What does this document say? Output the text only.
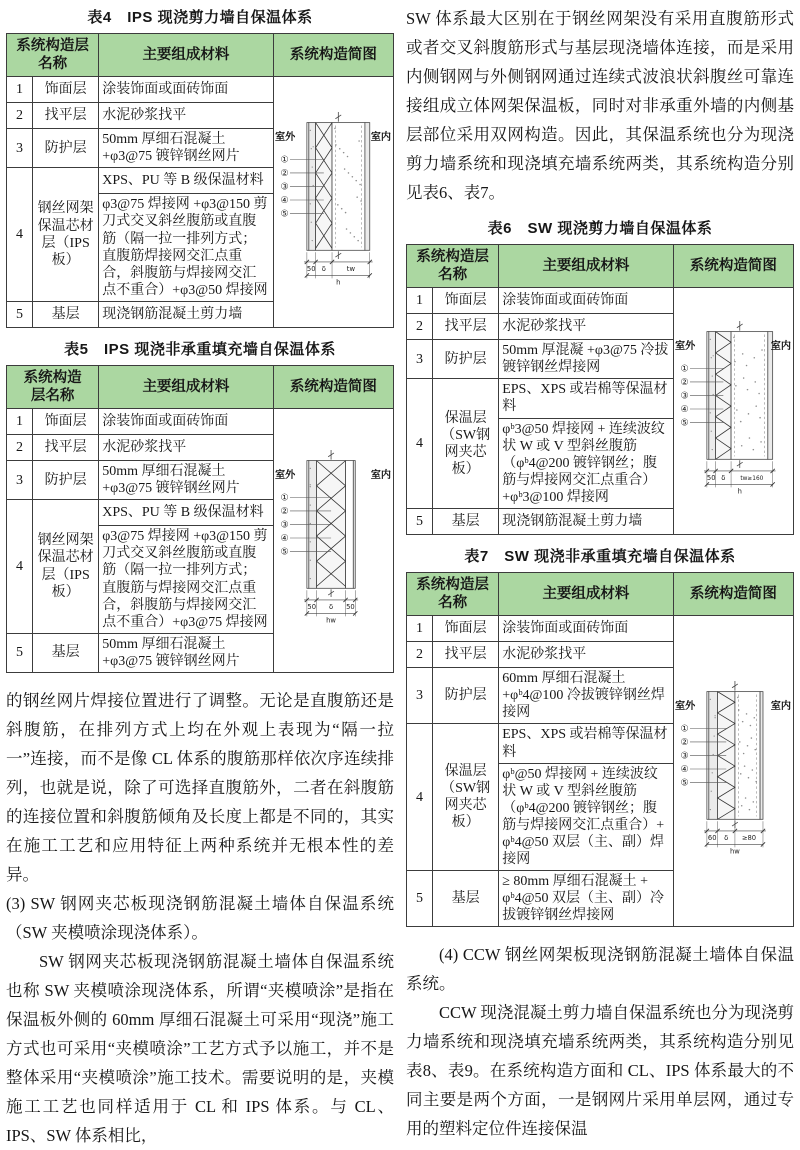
表4　IPS 现浇剪力墙自保温体系
系统构造层
名称		主要组成材料	系统构造简图
1	饰面层	涂装饰面或面砖饰面	
室外	室内
①
②
③
④
⑤
50 δ	tw
h

2	找平层	水泥砂浆找平	
3	防护层	50mm 厚细石混凝土 +φ3@75 镀锌钢丝网片	
4	钢丝网架保温芯材层（IPS板）	XPS、PU 等 B 级保温材料	
		φ3@75 焊接网 +φ3@150 剪刀式交叉斜丝腹筋或直腹筋（隔一拉一排列方式；直腹筋焊接网交汇点重合，斜腹筋与焊接网交汇点不重合）+φ3@50 焊接网	
5	基层	现浇钢筋混凝土剪力墙	
表5　IPS 现浇非承重填充墙自保温体系
系统构造
层名称		主要组成材料	系统构造简图
1	饰面层	涂装饰面或面砖饰面	
室外	室内
①
②
③
④
⑤
50 δ 50
hw

2	找平层	水泥砂浆找平	
3	防护层	50mm 厚细石混凝土 +φ3@75 镀锌钢丝网片	
4	钢丝网架保温芯材层（IPS板）	XPS、PU 等 B 级保温材料	
		φ3@75 焊接网 +φ3@150 剪刀式交叉斜丝腹筋或直腹筋（隔一拉一排列方式；直腹筋与焊接网交汇点重合，斜腹筋与焊接网交汇点不重合）+φ3@75 焊接网	
5	基层	50mm 厚细石混凝土 +φ3@75 镀锌钢丝网片	

的钢丝网片焊接位置进行了调整。无论是直腹筋还是斜腹筋，在排列方式上均在外观上表现为“隔一拉一”连接，而不是像 CL 体系的腹筋那样依次序连续排列，也就是说，除了可选择直腹筋外，二者在斜腹筋的连接位置和斜腹筋倾角及长度上都是不同的，其实在施工工艺和应用特征上两种系统并无根本性的差异。

(3) SW 钢网夹芯板现浇钢筋混凝土墙体自保温系统（SW 夹模喷涂现浇体系）。

SW 钢网夹芯板现浇钢筋混凝土墙体自保温系统也称 SW 夹模喷涂现浇体系，所谓“夹模喷涂”是指在保温板外侧的 60mm 厚细石混凝土可采用“现浇”施工方式也可采用“夹模喷涂”工艺方式予以施工，并不是整体采用“夹模喷涂”施工技术。需要说明的是，夹模施工工艺也同样适用于 CL 和 IPS 体系。与 CL、IPS、SW 体系相比，

SW 体系最大区别在于钢丝网架没有采用直腹筋形式或者交叉斜腹筋形式与基层现浇墙体连接，而是采用内侧钢网与外侧钢网通过连续式波浪状斜腹丝可靠连接组成立体网架保温板，同时对非承重外墙的内侧基层部位采用双网构造。因此，其保温系统也分为现浇剪力墙系统和现浇填充墙系统两类，其系统构造分别见表6、表7。

表6　SW 现浇剪力墙自保温体系
系统构造层
名称		主要组成材料	系统构造简图
1	饰面层	涂装饰面或面砖饰面	
室外	室内
①
②
③
④
⑤
50 δ tw≥160
h

2	找平层	水泥砂浆找平	
3	防护层	50mm 厚混凝 +φ3@75 冷拔镀锌钢丝焊接网	
4	保温层（SW钢网夹芯板）	EPS、XPS 或岩棉等保温材料	
		φᵇ3@50 焊接网 + 连续波纹状 W 或 V 型斜丝腹筋（φᵇ4@200 镀锌钢丝；腹筋与焊接网交汇点重合）+φᵇ3@100 焊接网	
5	基层	现浇钢筋混凝土剪力墙	
表7　SW 现浇非承重填充墙自保温体系
系统构造层
名称		主要组成材料	系统构造简图
1	饰面层	涂装饰面或面砖饰面	
室外	室内
①
②
③
④
⑤
60 δ ≥80
hw

2	找平层	水泥砂浆找平	
3	防护层	60mm 厚细石混凝土 +φᵇ4@100 冷拔镀锌钢丝焊接网	
4	保温层（SW钢网夹芯板）	EPS、XPS 或岩棉等保温材料	
		φᵇ@50 焊接网 + 连续波纹状 W 或 V 型斜丝腹筋（φᵇ4@200 镀锌钢丝；腹筋与焊接网交汇点重合）+ φᵇ4@50 双层（主、副）焊接网	
5	基层	≥ 80mm 厚细石混凝土 + φᵇ4@50 双层（主、副）冷拔镀锌钢丝焊接网	

(4) CCW 钢丝网架板现浇钢筋混凝土墙体自保温系统。

CCW 现浇混凝土剪力墙自保温系统也分为现浇剪力墙系统和现浇填充墙系统两类，其系统构造分别见表8、表9。在系统构造方面和 CL、IPS 体系最大的不同主要是两个方面，一是钢网片采用单层网，通过专用的塑料定位件连接保温
